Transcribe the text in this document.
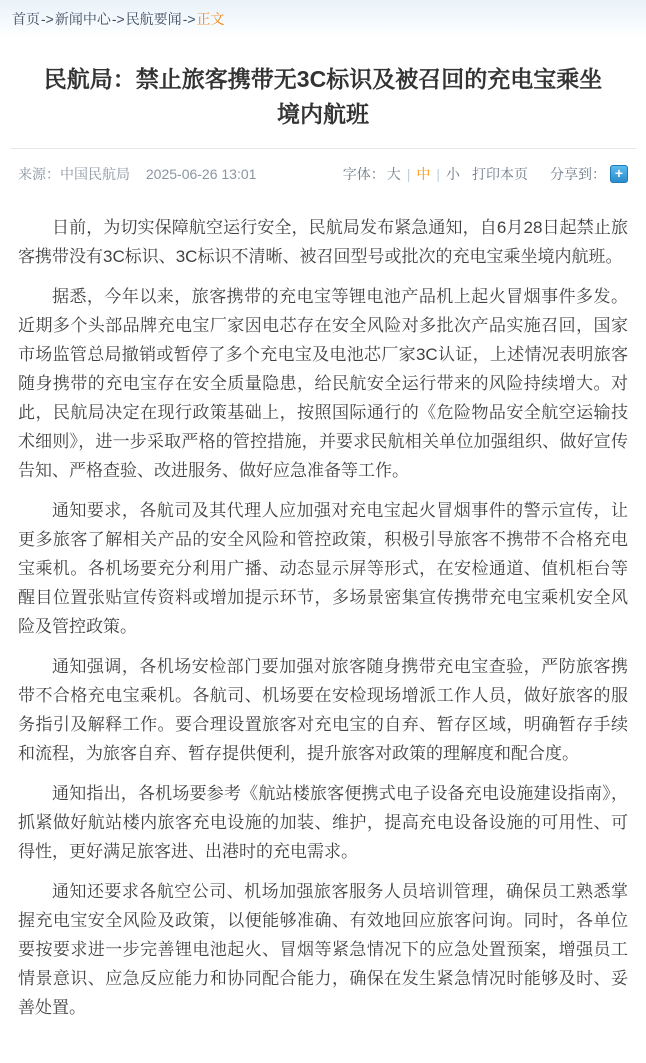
首页 -> 新闻中心 -> 民航要闻 -> 正文
民航局：禁止旅客携带无3C标识及被召回的充电宝乘坐境内航班
来源：中国民航局 2025-06-26 13:01	字体： 大 | 中 | 小 打印本页 分享到： +

日前，为切实保障航空运行安全，民航局发布紧急通知，自6月28日起禁止旅客携带没有3C标识、3C标识不清晰、被召回型号或批次的充电宝乘坐境内航班。

据悉，今年以来，旅客携带的充电宝等锂电池产品机上起火冒烟事件多发。近期多个头部品牌充电宝厂家因电芯存在安全风险对多批次产品实施召回，国家市场监管总局撤销或暂停了多个充电宝及电池芯厂家3C认证，上述情况表明旅客随身携带的充电宝存在安全质量隐患，给民航安全运行带来的风险持续增大。对此，民航局决定在现行政策基础上，按照国际通行的《危险物品安全航空运输技术细则》，进一步采取严格的管控措施，并要求民航相关单位加强组织、做好宣传告知、严格查验、改进服务、做好应急准备等工作。

通知要求，各航司及其代理人应加强对充电宝起火冒烟事件的警示宣传，让更多旅客了解相关产品的安全风险和管控政策，积极引导旅客不携带不合格充电宝乘机。各机场要充分利用广播、动态显示屏等形式，在安检通道、值机柜台等醒目位置张贴宣传资料或增加提示环节，多场景密集宣传携带充电宝乘机安全风险及管控政策。

通知强调，各机场安检部门要加强对旅客随身携带充电宝查验，严防旅客携带不合格充电宝乘机。各航司、机场要在安检现场增派工作人员，做好旅客的服务指引及解释工作。要合理设置旅客对充电宝的自弃、暂存区域，明确暂存手续和流程，为旅客自弃、暂存提供便利，提升旅客对政策的理解度和配合度。

通知指出，各机场要参考《航站楼旅客便携式电子设备充电设施建设指南》，抓紧做好航站楼内旅客充电设施的加装、维护，提高充电设备设施的可用性、可得性，更好满足旅客进、出港时的充电需求。

通知还要求各航空公司、机场加强旅客服务人员培训管理，确保员工熟悉掌握充电宝安全风险及政策，以便能够准确、有效地回应旅客问询。同时，各单位要按要求进一步完善锂电池起火、冒烟等紧急情况下的应急处置预案，增强员工情景意识、应急反应能力和协同配合能力，确保在发生紧急情况时能够及时、妥善处置。
